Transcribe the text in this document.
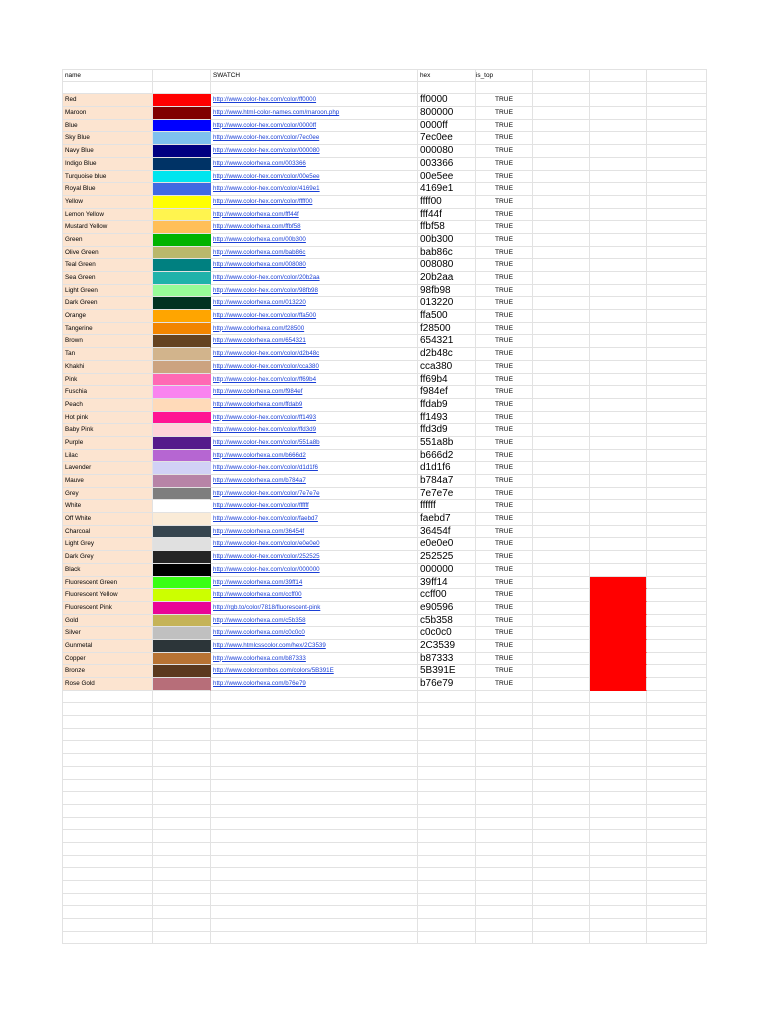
name	SWATCH	hex	is_top
Red	http://www.color-hex.com/color/ff0000	ff0000	TRUE
Maroon	http://www.html-color-names.com/maroon.php	800000	TRUE
Blue	http://www.color-hex.com/color/0000ff	0000ff	TRUE
Sky Blue	http://www.color-hex.com/color/7ec0ee	7ec0ee	TRUE
Navy Blue	http://www.color-hex.com/color/000080	000080	TRUE
Indigo Blue	http://www.colorhexa.com/003366	003366	TRUE
Turquoise blue	http://www.color-hex.com/color/00e5ee	00e5ee	TRUE
Royal Blue	http://www.color-hex.com/color/4169e1	4169e1	TRUE
Yellow	http://www.color-hex.com/color/ffff00	ffff00	TRUE
Lemon Yellow	http://www.colorhexa.com/fff44f	fff44f	TRUE
Mustard Yellow	http://www.colorhexa.com/ffbf58	ffbf58	TRUE
Green	http://www.colorhexa.com/00b300	00b300	TRUE
Olive Green	http://www.colorhexa.com/bab86c	bab86c	TRUE
Teal Green	http://www.colorhexa.com/008080	008080	TRUE
Sea Green	http://www.color-hex.com/color/20b2aa	20b2aa	TRUE
Light Green	http://www.color-hex.com/color/98fb98	98fb98	TRUE
Dark Green	http://www.colorhexa.com/013220	013220	TRUE
Orange	http://www.color-hex.com/color/ffa500	ffa500	TRUE
Tangerine	http://www.colorhexa.com/f28500	f28500	TRUE
Brown	http://www.colorhexa.com/654321	654321	TRUE
Tan	http://www.color-hex.com/color/d2b48c	d2b48c	TRUE
Khakhi	http://www.color-hex.com/color/cca380	cca380	TRUE
Pink	http://www.color-hex.com/color/ff69b4	ff69b4	TRUE
Fuschia	http://www.colorhexa.com/f984ef	f984ef	TRUE
Peach	http://www.colorhexa.com/ffdab9	ffdab9	TRUE
Hot pink	http://www.color-hex.com/color/ff1493	ff1493	TRUE
Baby Pink	http://www.color-hex.com/color/ffd3d9	ffd3d9	TRUE
Purple	http://www.color-hex.com/color/551a8b	551a8b	TRUE
Lilac	http://www.colorhexa.com/b666d2	b666d2	TRUE
Lavender	http://www.color-hex.com/color/d1d1f6	d1d1f6	TRUE
Mauve	http://www.colorhexa.com/b784a7	b784a7	TRUE
Grey	http://www.color-hex.com/color/7e7e7e	7e7e7e	TRUE
White	http://www.color-hex.com/color/ffffff	ffffff	TRUE
Off White	http://www.color-hex.com/color/faebd7	faebd7	TRUE
Charcoal	http://www.colorhexa.com/36454f	36454f	TRUE
Light Grey	http://www.color-hex.com/color/e0e0e0	e0e0e0	TRUE
Dark Grey	http://www.color-hex.com/color/252525	252525	TRUE
Black	http://www.color-hex.com/color/000000	000000	TRUE
Fluorescent Green	http://www.colorhexa.com/39ff14	39ff14	TRUE
Fluorescent Yellow	http://www.colorhexa.com/ccff00	ccff00	TRUE
Fluorescent Pink	http://rgb.to/color/7818/fluorescent-pink	e90596	TRUE
Gold	http://www.colorhexa.com/c5b358	c5b358	TRUE
Silver	http://www.colorhexa.com/c0c0c0	c0c0c0	TRUE
Gunmetal	http://www.htmlcsscolor.com/hex/2C3539	2C3539	TRUE
Copper	http://www.colorhexa.com/b87333	b87333	TRUE
Bronze	http://www.colorcombos.com/colors/5B391E	5B391E	TRUE
Rose Gold	http://www.colorhexa.com/b76e79	b76e79	TRUE
